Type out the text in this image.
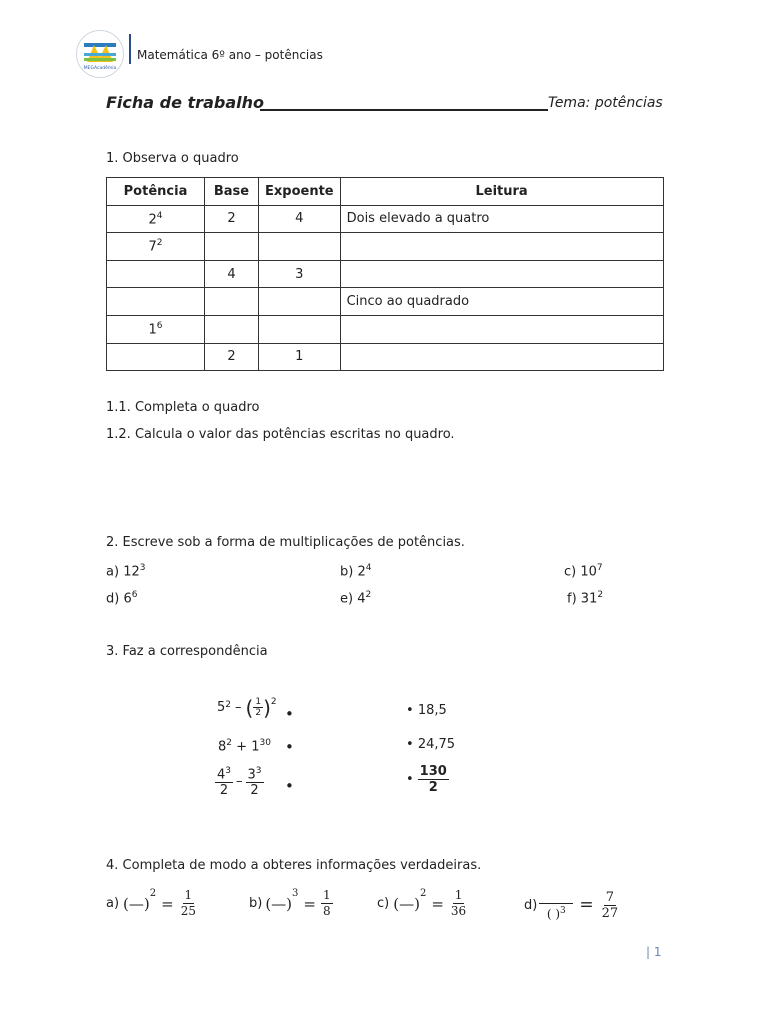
MEGAcadêmia
Matemática 6º ano – potências
Ficha de trabalho	Tema: potências
1. Observa o quadro
Potência	Base	Expoente	Leitura
$2^4$	2	4	Dois elevado a quatro
$7^2$			
	4	3	
			Cinco ao quadrado
$1^6$			
	2	1	
1.1. Completa o quadro
1.2. Calcula o valor das potências escritas no quadro.
2. Escreve sob a forma de multiplicações de potências.
a) $12^3$	b) $2^4$	c) $10^7$
d) $6^6$	e) $4^2$	f) $31^2$
3. Faz a correspondência
$5^2$ – ( $\frac{1}{2} )^2$
•
$8^2 + 1^{30}$ •
$\frac{4^3}{2} - \frac{3^3}{2}$ •
• 18,5
• 24,75
• $\frac{130}{2}$
4. Completa de modo a obteres informações verdadeiras.
a) (—)
$^2$
= $\frac{1}{25}$	b) (—)
$^3$
= $\frac{1}{8}$	c) (—)
$^2$
= $\frac{1}{36}$	d)
( )$^3 = \frac{7}{27}$
| 1
